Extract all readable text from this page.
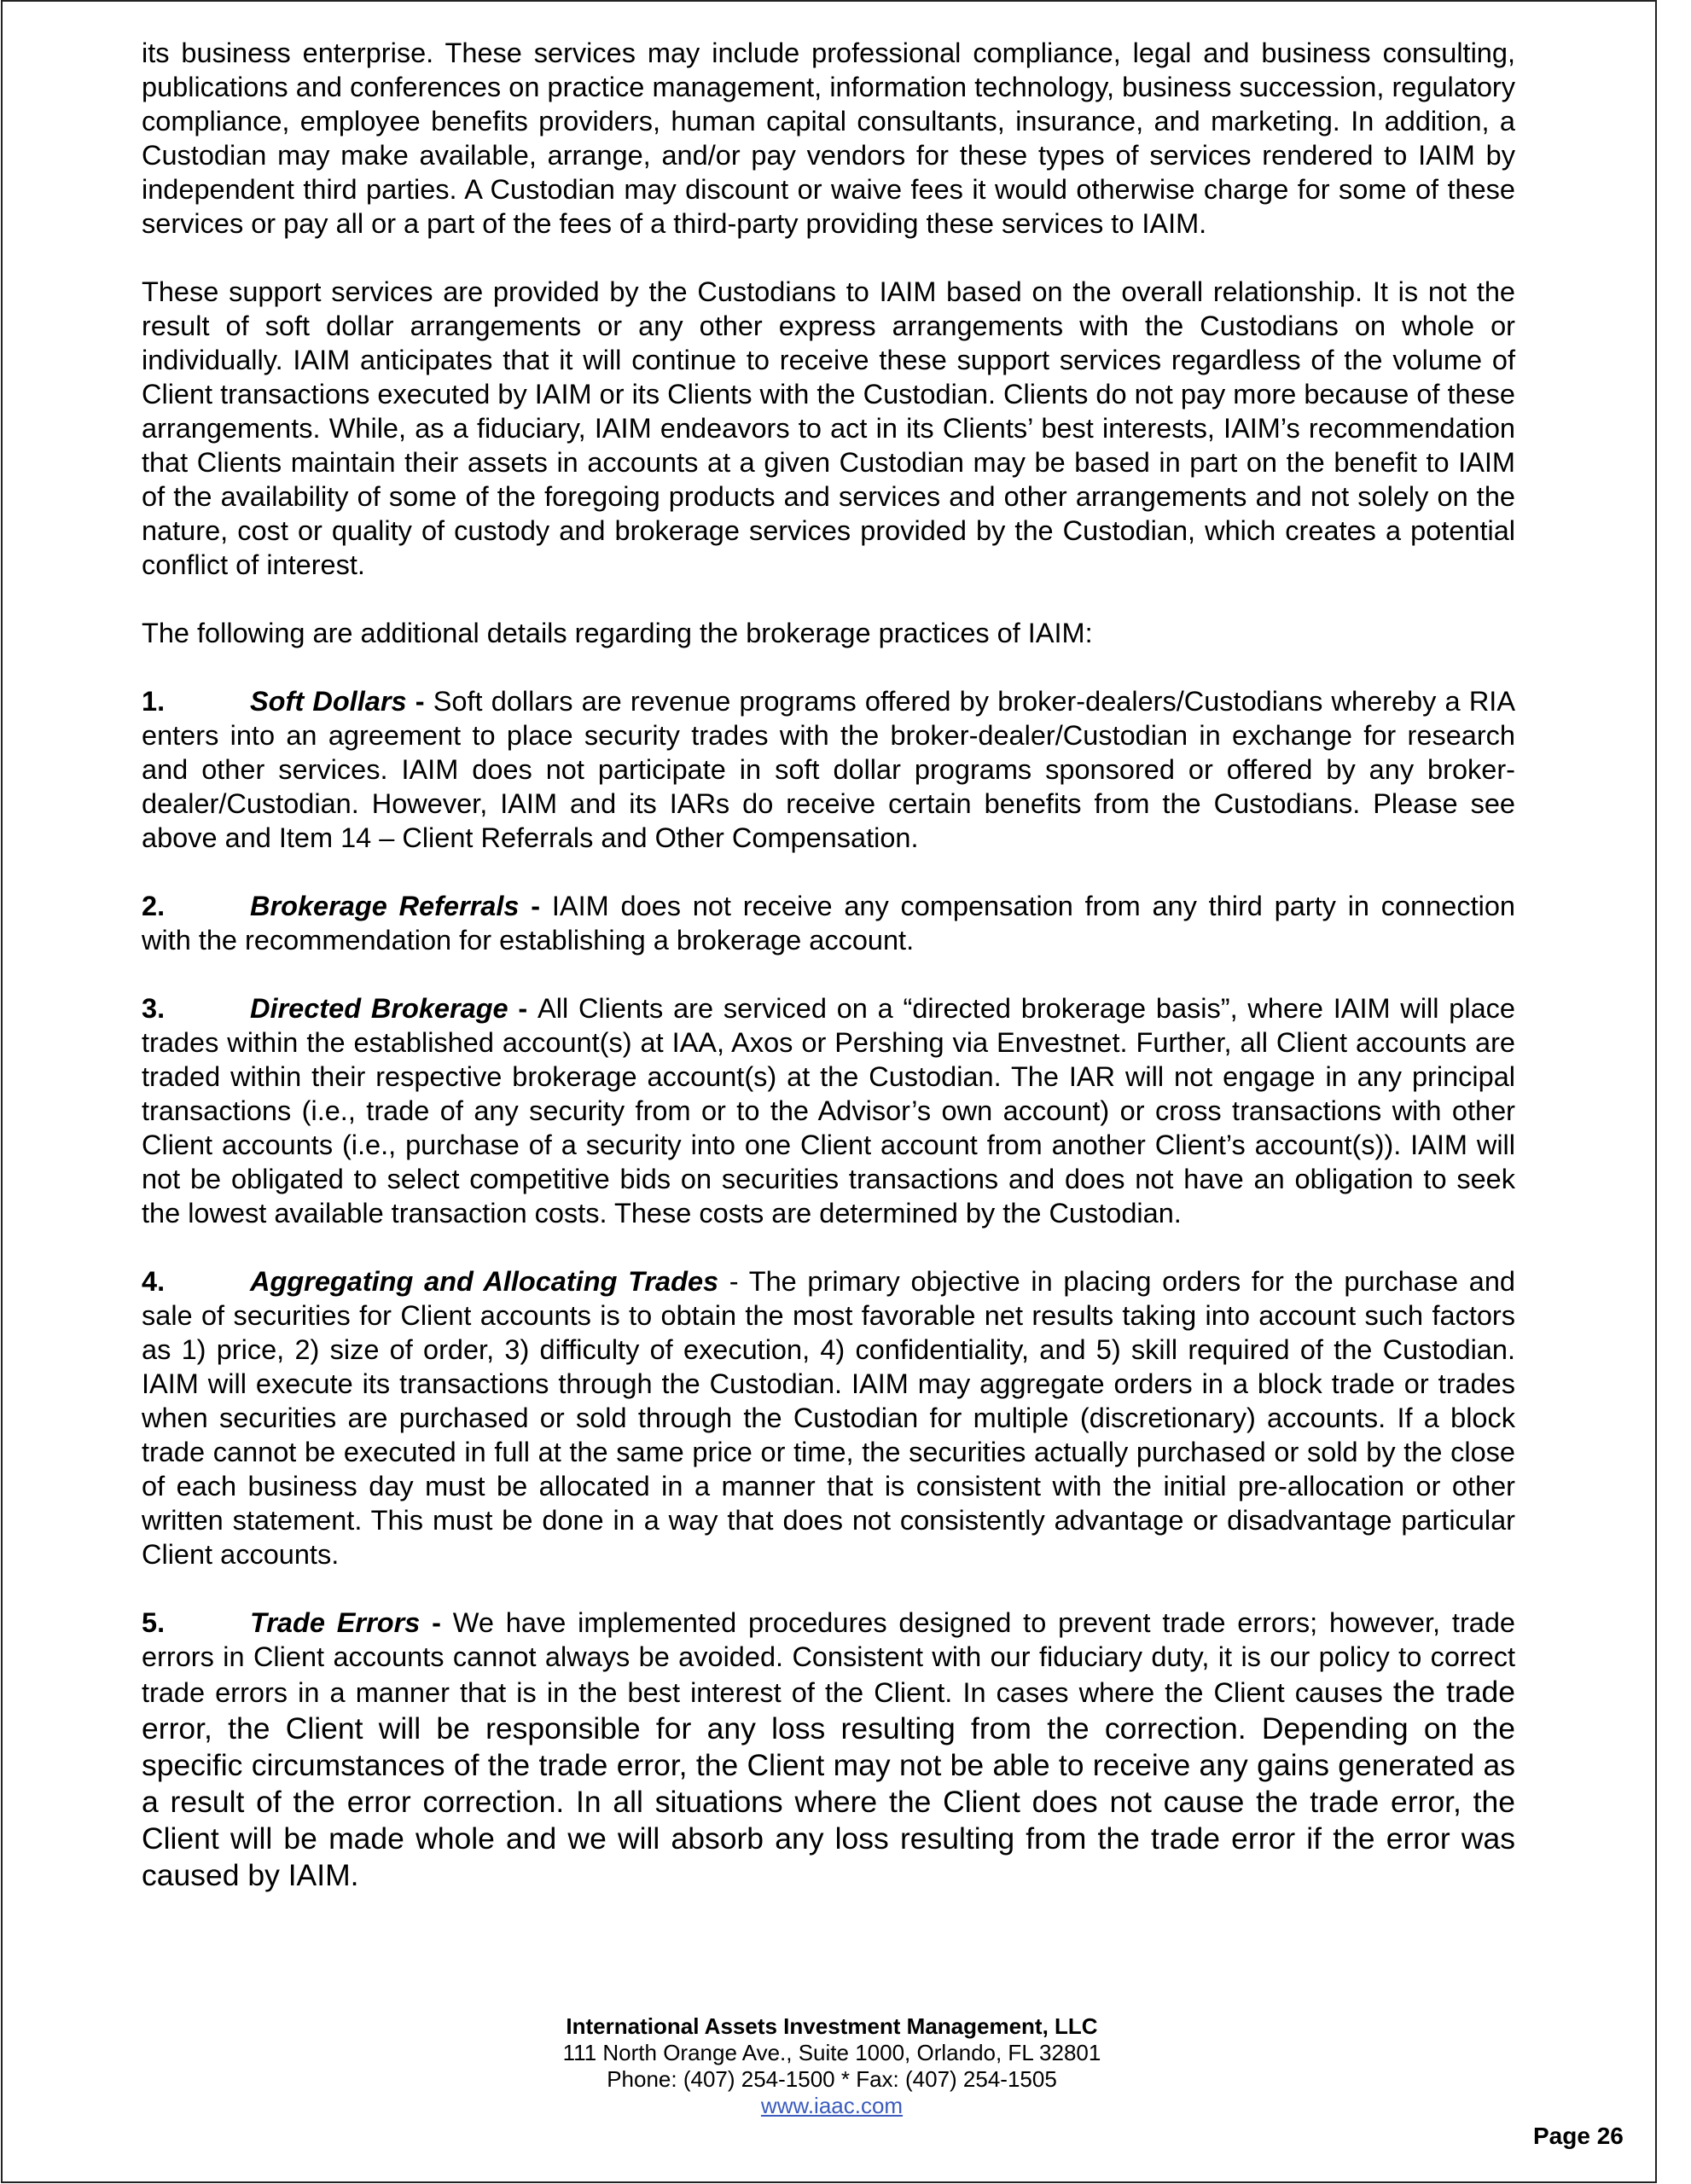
its business enterprise. These services may include professional compliance, legal and business consulting, publications and conferences on practice management, information technology, business succession, regulatory compliance, employee benefits providers, human capital consultants, insurance, and marketing. In addition, a Custodian may make available, arrange, and/or pay vendors for these types of services rendered to IAIM by independent third parties. A Custodian may discount or waive fees it would otherwise charge for some of these services or pay all or a part of the fees of a third-party providing these services to IAIM.

These support services are provided by the Custodians to IAIM based on the overall relationship. It is not the result of soft dollar arrangements or any other express arrangements with the Custodians on whole or individually. IAIM anticipates that it will continue to receive these support services regardless of the volume of Client transactions executed by IAIM or its Clients with the Custodian. Clients do not pay more because of these arrangements. While, as a fiduciary, IAIM endeavors to act in its Clients’ best interests, IAIM’s recommendation that Clients maintain their assets in accounts at a given Custodian may be based in part on the benefit to IAIM of the availability of some of the foregoing products and services and other arrangements and not solely on the nature, cost or quality of custody and brokerage services provided by the Custodian, which creates a potential conflict of interest.

The following are additional details regarding the brokerage practices of IAIM:

1.	Soft Dollars - Soft dollars are revenue programs offered by broker-dealers/Custodians whereby a RIA enters into an agreement to place security trades with the broker-dealer/Custodian in exchange for research and other services. IAIM does not participate in soft dollar programs sponsored or offered by any broker-dealer/Custodian. However, IAIM and its IARs do receive certain benefits from the Custodians. Please see above and Item 14 – Client Referrals and Other Compensation.

2.	Brokerage Referrals - IAIM does not receive any compensation from any third party in connection with the recommendation for establishing a brokerage account.

3.	Directed Brokerage - All Clients are serviced on a “directed brokerage basis”, where IAIM will place trades within the established account(s) at IAA, Axos or Pershing via Envestnet. Further, all Client accounts are traded within their respective brokerage account(s) at the Custodian. The IAR will not engage in any principal transactions (i.e., trade of any security from or to the Advisor’s own account) or cross transactions with other Client accounts (i.e., purchase of a security into one Client account from another Client’s account(s)). IAIM will not be obligated to select competitive bids on securities transactions and does not have an obligation to seek the lowest available transaction costs. These costs are determined by the Custodian.

4.	Aggregating and Allocating Trades - The primary objective in placing orders for the purchase and sale of securities for Client accounts is to obtain the most favorable net results taking into account such factors as 1) price, 2) size of order, 3) difficulty of execution, 4) confidentiality, and 5) skill required of the Custodian. IAIM will execute its transactions through the Custodian. IAIM may aggregate orders in a block trade or trades when securities are purchased or sold through the Custodian for multiple (discretionary) accounts. If a block trade cannot be executed in full at the same price or time, the securities actually purchased or sold by the close of each business day must be allocated in a manner that is consistent with the initial pre-allocation or other written statement. This must be done in a way that does not consistently advantage or disadvantage particular Client accounts.

5.	Trade Errors - We have implemented procedures designed to prevent trade errors; however, trade errors in Client accounts cannot always be avoided. Consistent with our fiduciary duty, it is our policy to correct trade errors in a manner that is in the best interest of the Client. In cases where the Client causes the trade error, the Client will be responsible for any loss resulting from the correction. Depending on the specific circumstances of the trade error, the Client may not be able to receive any gains generated as a result of the error correction. In all situations where the Client does not cause the trade error, the Client will be made whole and we will absorb any loss resulting from the trade error if the error was caused by IAIM.

International Assets Investment Management, LLC
111 North Orange Ave., Suite 1000, Orlando, FL 32801
Phone: (407) 254-1500 * Fax: (407) 254-1505
www.iaac.com
Page 26
